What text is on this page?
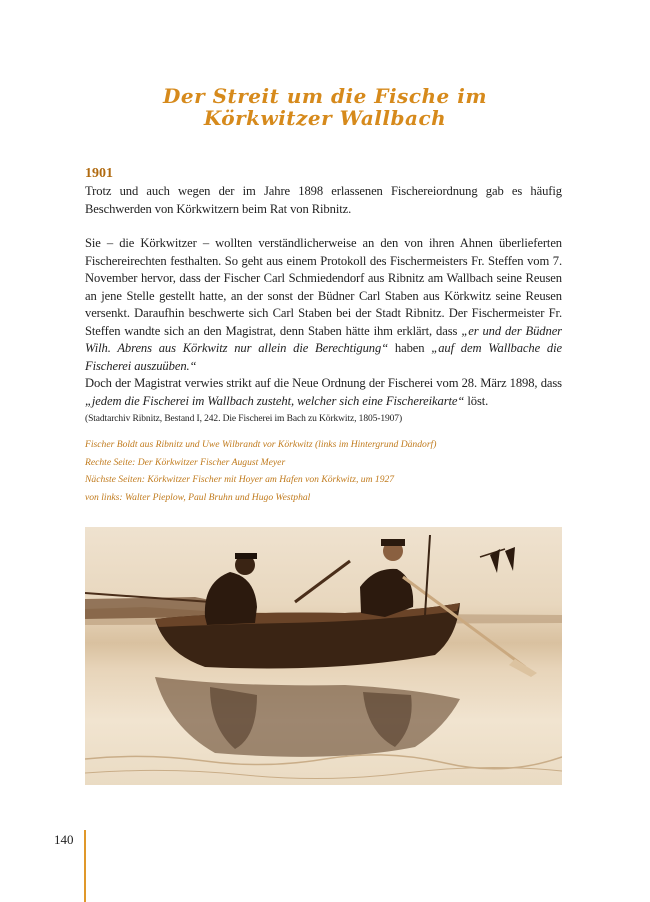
Der Streit um die Fische im
Körkwitzer Wallbach
1901

Trotz und auch wegen der im Jahre 1898 erlassenen Fischereiordnung gab es häufig Beschwerden von Körkwitzern beim Rat von Ribnitz.

Sie – die Körkwitzer – wollten verständlicherweise an den von ihren Ahnen überlieferten Fischereirechten festhalten. So geht aus einem Protokoll des Fischermeisters Fr. Steffen vom 7. November hervor, dass der Fischer Carl Schmiedendorf aus Ribnitz am Wallbach seine Reusen an jene Stelle gestellt hatte, an der sonst der Büdner Carl Staben aus Körkwitz seine Reusen versenkt. Daraufhin beschwerte sich Carl Staben bei der Stadt Ribnitz. Der Fischermeister Fr. Steffen wandte sich an den Magistrat, denn Staben hätte ihm erklärt, dass „er und der Büdner Wilh. Abrens aus Körkwitz nur allein die Berechtigung“ haben „auf dem Wallbache die Fischerei auszuüben.“

Doch der Magistrat verwies strikt auf die Neue Ordnung der Fischerei vom 28. März 1898, dass „jedem die Fischerei im Wallbach zusteht, welcher sich eine Fischereikarte“ löst.

(Stadtarchiv Ribnitz, Bestand I, 242. Die Fischerei im Bach zu Körkwitz, 1805-1907)

Fischer Boldt aus Ribnitz und Uwe Wilbrandt vor Körkwitz (links im Hintergrund Dändorf)
Rechte Seite: Der Körkwitzer Fischer August Meyer
Nächste Seiten: Körkwitzer Fischer mit Hoyer am Hafen von Körkwitz, um 1927
von links: Walter Pieplow, Paul Bruhn und Hugo Westphal
140
